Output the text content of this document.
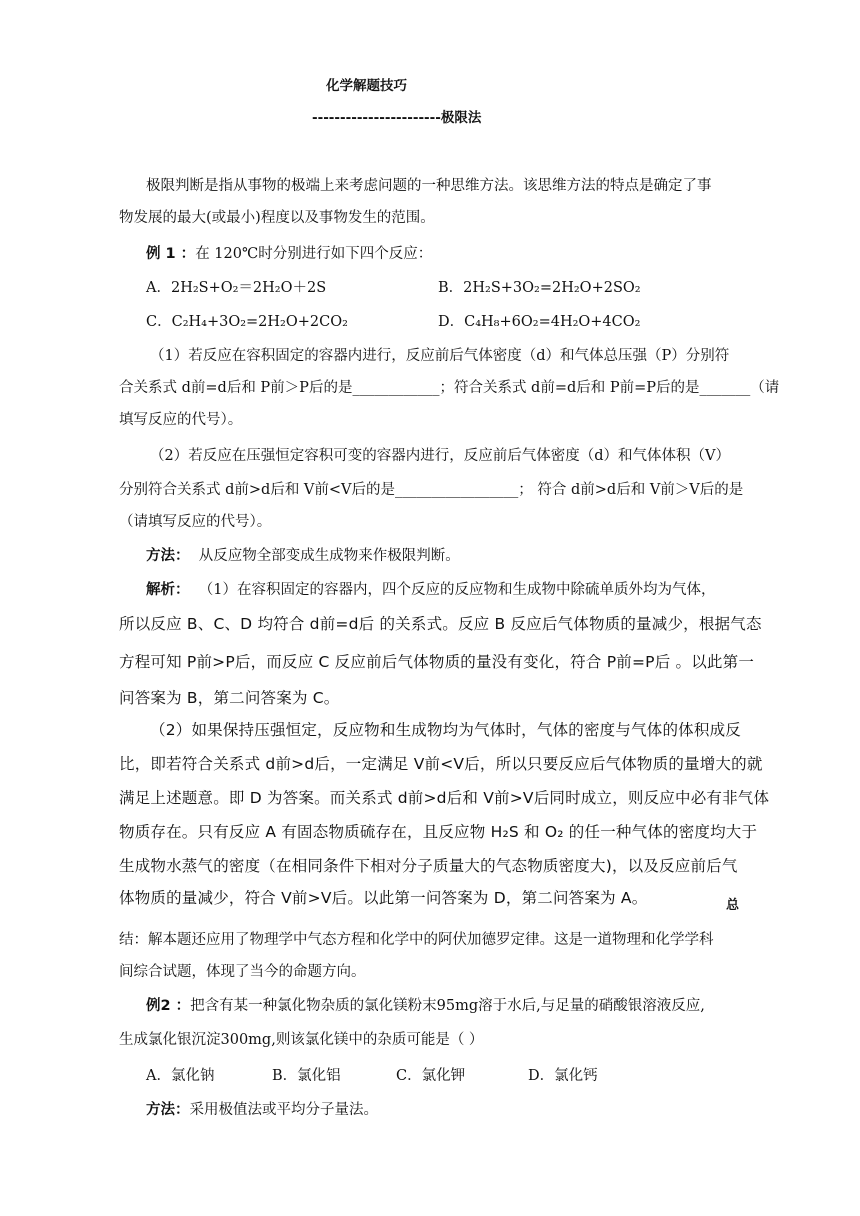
化学解题技巧
-----------------------极限法
极限判断是指从事物的极端上来考虑问题的一种思维方法。该思维方法的特点是确定了事
物发展的最大(或最小)程度以及事物发生的范围。
例 1 ：在 120℃时分别进行如下四个反应：
A．2H₂S+O₂＝2H₂O＋2S	B．2H₂S+3O₂=2H₂O+2SO₂
C．C₂H₄+3O₂=2H₂O+2CO₂	D．C₄H₈+6O₂=4H₂O+4CO₂
（1）若反应在容积固定的容器内进行，反应前后气体密度（d）和气体总压强（P）分别符
合关系式 d前=d后和 P前＞P后的是____________；符合关系式 d前=d后和 P前=P后的是_______（请
填写反应的代号）。
（2）若反应在压强恒定容积可变的容器内进行，反应前后气体密度（d）和气体体积（V）
分别符合关系式 d前>d后和 V前<V后的是_________________； 符合 d前>d后和 V前＞V后的是
（请填写反应的代号）。
方法： 从反应物全部变成生成物来作极限判断。
解析： （1）在容积固定的容器内，四个反应的反应物和生成物中除硫单质外均为气体，
所以反应 B、C、D 均符合 d前=d后 的关系式。反应 B 反应后气体物质的量减少，根据气态
方程可知 P前>P后，而反应 C 反应前后气体物质的量没有变化，符合 P前=P后 。以此第一
问答案为 B，第二问答案为 C。
（2）如果保持压强恒定，反应物和生成物均为气体时，气体的密度与气体的体积成反
比，即若符合关系式 d前>d后，一定满足 V前<V后，所以只要反应后气体物质的量增大的就
满足上述题意。即 D 为答案。而关系式 d前>d后和 V前>V后同时成立，则反应中必有非气体
物质存在。只有反应 A 有固态物质硫存在，且反应物 H₂S 和 O₂ 的任一种气体的密度均大于
生成物水蒸气的密度（在相同条件下相对分子质量大的气态物质密度大)，以及反应前后气
体物质的量减少，符合 V前>V后。以此第一问答案为 D，第二问答案为 A。	总
结：解本题还应用了物理学中气态方程和化学中的阿伏加德罗定律。这是一道物理和化学学科
间综合试题，体现了当今的命题方向。
例2 ：把含有某一种氯化物杂质的氯化镁粉末95mg溶于水后,与足量的硝酸银溶液反应,
生成氯化银沉淀300mg,则该氯化镁中的杂质可能是（ ）
A．氯化钠	B．氯化铝	C．氯化钾	D．氯化钙
方法：采用极值法或平均分子量法。
